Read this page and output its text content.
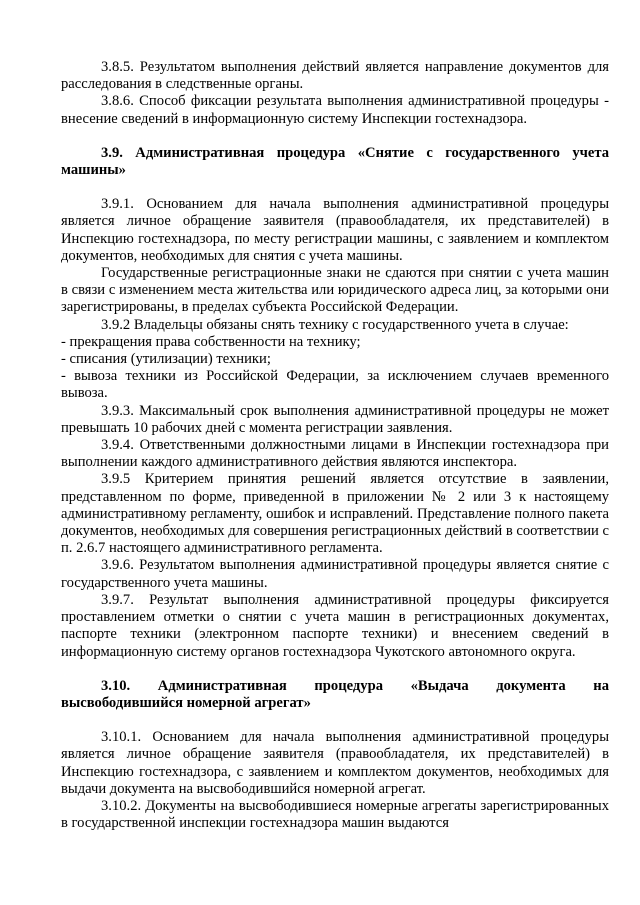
3.8.5. Результатом выполнения действий является направление документов для расследования в следственные органы.

3.8.6. Способ фиксации результата выполнения административной процедуры - внесение сведений в информационную систему Инспекции гостехнадзора.

3.9. Административная процедура «Снятие с государственного учета машины»

3.9.1. Основанием для начала выполнения административной процедуры является личное обращение заявителя (правообладателя, их представителей) в Инспекцию гостехнадзора, по месту регистрации машины, с заявлением и комплектом документов, необходимых для снятия с учета машины.

Государственные регистрационные знаки не сдаются при снятии с учета машин в связи с изменением места жительства или юридического адреса лиц, за которыми они зарегистрированы, в пределах субъекта Российской Федерации.

3.9.2 Владельцы обязаны снять технику с государственного учета в случае:

- прекращения права собственности на технику;

- списания (утилизации) техники;

- вывоза техники из Российской Федерации, за исключением случаев временного вывоза.

3.9.3. Максимальный срок выполнения административной процедуры не может превышать 10 рабочих дней с момента регистрации заявления.

3.9.4. Ответственными должностными лицами в Инспекции гостехнадзора при выполнении каждого административного действия являются инспектора.

3.9.5 Критерием принятия решений является отсутствие в заявлении, представленном по форме, приведенной в приложении № 2 или 3 к настоящему административному регламенту, ошибок и исправлений. Представление полного пакета документов, необходимых для совершения регистрационных действий в соответствии с п. 2.6.7 настоящего административного регламента.

3.9.6. Результатом выполнения административной процедуры является снятие с государственного учета машины.

3.9.7. Результат выполнения административной процедуры фиксируется проставлением отметки о снятии с учета машин в регистрационных документах, паспорте техники (электронном паспорте техники) и внесением сведений в информационную систему органов гостехнадзора Чукотского автономного округа.

3.10. Административная процедура «Выдача документа на высвободившийся номерной агрегат»

3.10.1. Основанием для начала выполнения административной процедуры является личное обращение заявителя (правообладателя, их представителей) в Инспекцию гостехнадзора, с заявлением и комплектом документов, необходимых для выдачи документа на высвободившийся номерной агрегат.

3.10.2. Документы на высвободившиеся номерные агрегаты зарегистрированных в государственной инспекции гостехнадзора машин выдаются
